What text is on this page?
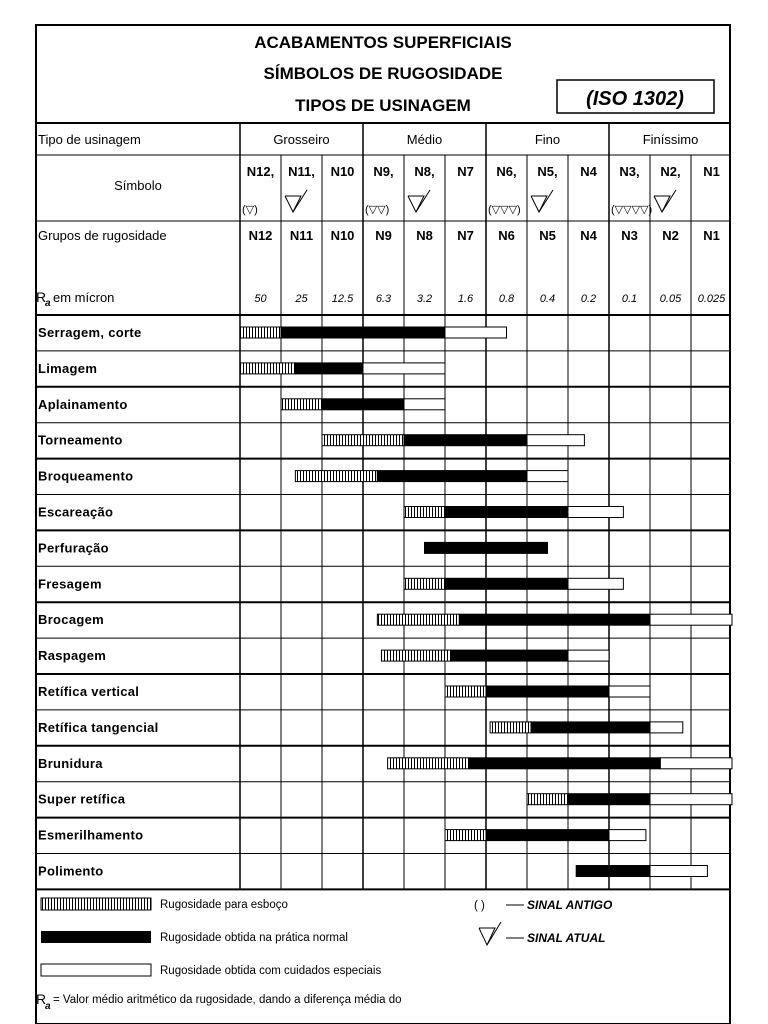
ACABAMENTOS SUPERFICIAIS
SÍMBOLOS DE RUGOSIDADE
TIPOS DE USINAGEM	(ISO 1302)
Tipo de usinagem	Grosseiro	Médio	Fino	Finíssimo
Símbolo
N12, N11, N10 N9, N8, N7 N6, N5, N4 N3, N2, N1
(▽)	(▽▽)	(▽▽▽)	(▽▽▽▽)
Grupos de rugosidade	N12 N11 N10 N9 N8 N7 N6 N5 N4 N3 N2 N1
R
a em mícron	50	25 12.5 6.3 3.2 1.6 0.8 0.4 0.2 0.1 0.05 0.025
Serragem, corte
Limagem
Aplainamento
Torneamento
Broqueamento
Escareação
Perfuração
Fresagem
Brocagem
Raspagem
Retífica vertical
Retífica tangencial
Brunidura
Super retífica
Esmerilhamento
Polimento
Rugosidade para esboço
Rugosidade obtida na prática normal
Rugosidade obtida com cuidados especiais
( )	SINAL ANTIGO
SINAL ATUAL
R
a
= Valor médio aritmético da rugosidade, dando a diferença média do
